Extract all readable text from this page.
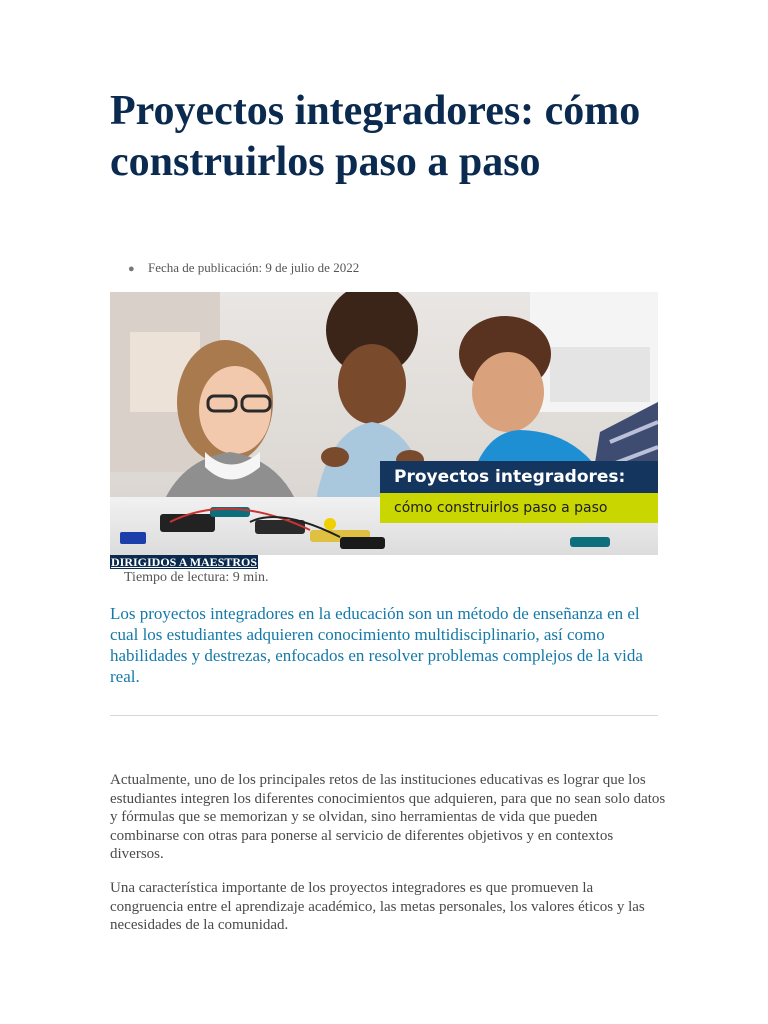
Proyectos integradores: cómo construirlos paso a paso
● Fecha de publicación: 9 de julio de 2022
Proyectos integradores:
cómo construirlos paso a paso
DIRIGIDOS A MAESTROS
Tiempo de lectura: 9 min.

Los proyectos integradores en la educación son un método de enseñanza en el cual los estudiantes adquieren conocimiento multidisciplinario, así como habilidades y destrezas, enfocados en resolver problemas complejos de la vida real.

Actualmente, uno de los principales retos de las instituciones educativas es lograr que los estudiantes integren los diferentes conocimientos que adquieren, para que no sean solo datos y fórmulas que se memorizan y se olvidan, sino herramientas de vida que pueden combinarse con otras para ponerse al servicio de diferentes objetivos y en contextos diversos.

Una característica importante de los proyectos integradores es que promueven la congruencia entre el aprendizaje académico, las metas personales, los valores éticos y las necesidades de la comunidad.
